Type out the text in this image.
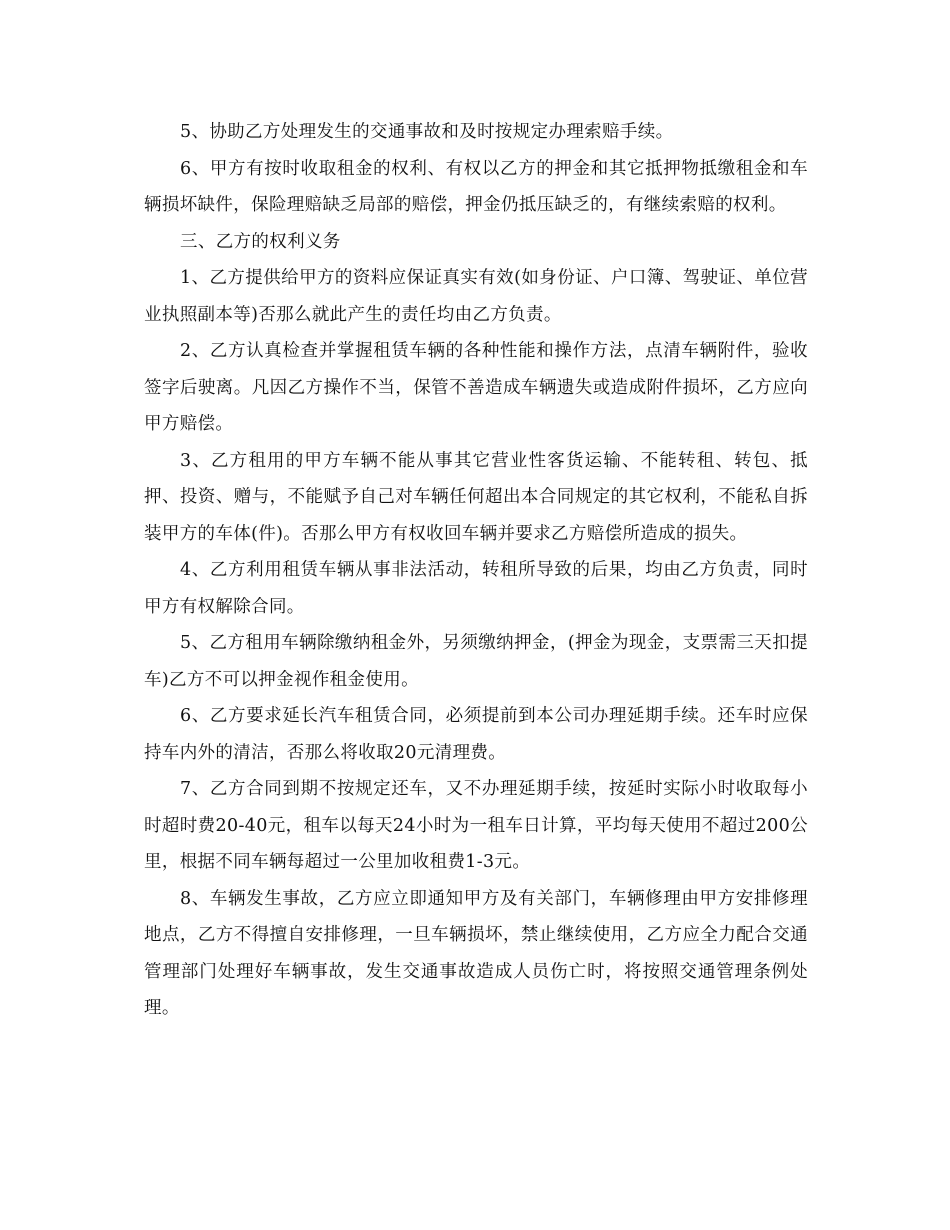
5、协助乙方处理发生的交通事故和及时按规定办理索赔手续。

6、甲方有按时收取租金的权利、有权以乙方的押金和其它抵押物抵缴租金和车辆损坏缺件，保险理赔缺乏局部的赔偿，押金仍抵压缺乏的，有继续索赔的权利。

三、乙方的权利义务

1、乙方提供给甲方的资料应保证真实有效(如身份证、户口簿、驾驶证、单位营业执照副本等)否那么就此产生的责任均由乙方负责。

2、乙方认真检查并掌握租赁车辆的各种性能和操作方法，点清车辆附件，验收签字后驶离。凡因乙方操作不当，保管不善造成车辆遗失或造成附件损坏，乙方应向甲方赔偿。

3、乙方租用的甲方车辆不能从事其它营业性客货运输、不能转租、转包、抵押、投资、赠与，不能赋予自己对车辆任何超出本合同规定的其它权利，不能私自拆装甲方的车体(件)。否那么甲方有权收回车辆并要求乙方赔偿所造成的损失。

4、乙方利用租赁车辆从事非法活动，转租所导致的后果，均由乙方负责，同时甲方有权解除合同。

5、乙方租用车辆除缴纳租金外，另须缴纳押金，(押金为现金，支票需三天扣提车)乙方不可以押金视作租金使用。

6、乙方要求延长汽车租赁合同，必须提前到本公司办理延期手续。还车时应保持车内外的清洁，否那么将收取20元清理费。

7、乙方合同到期不按规定还车，又不办理延期手续，按延时实际小时收取每小时超时费20-40元，租车以每天24小时为一租车日计算，平均每天使用不超过200公里，根据不同车辆每超过一公里加收租费1-3元。

8、车辆发生事故，乙方应立即通知甲方及有关部门，车辆修理由甲方安排修理地点，乙方不得擅自安排修理，一旦车辆损坏，禁止继续使用，乙方应全力配合交通管理部门处理好车辆事故，发生交通事故造成人员伤亡时，将按照交通管理条例处理。
